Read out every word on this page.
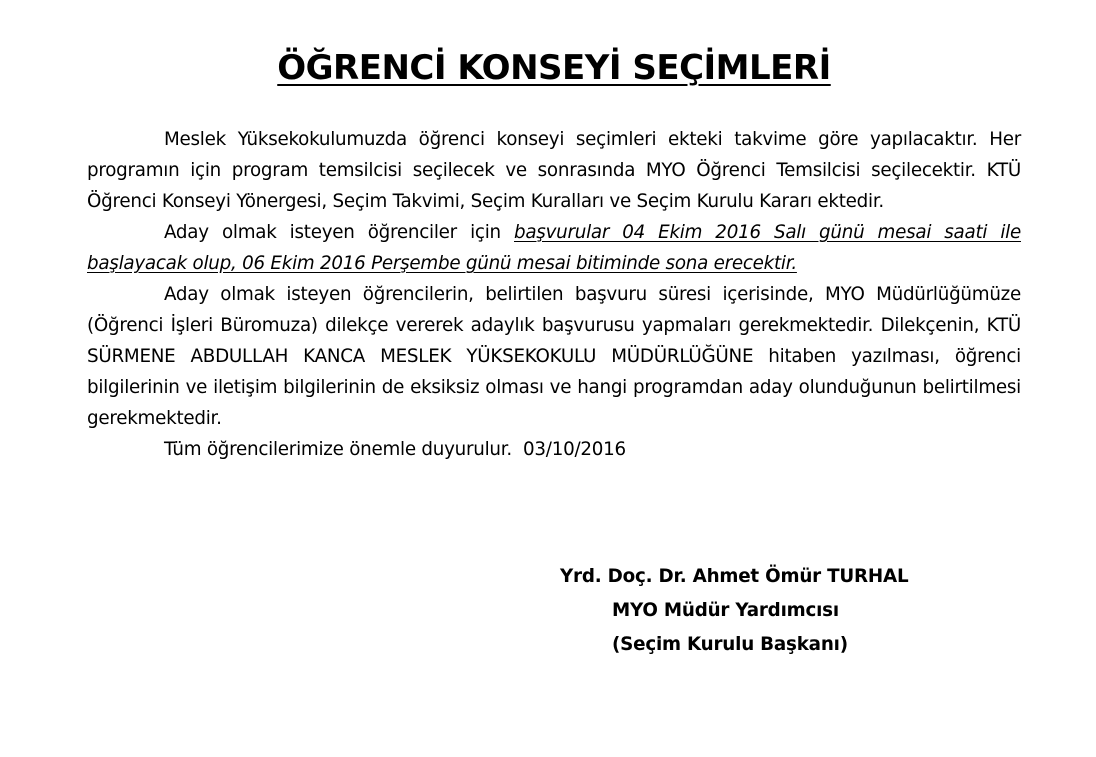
ÖĞRENCİ KONSEYİ SEÇİMLERİ

Meslek Yüksekokulumuzda öğrenci konseyi seçimleri ekteki takvime göre yapılacaktır. Her programın için program temsilcisi seçilecek ve sonrasında MYO Öğrenci Temsilcisi seçilecektir. KTÜ Öğrenci Konseyi Yönergesi, Seçim Takvimi, Seçim Kuralları ve Seçim Kurulu Kararı ektedir.

Aday olmak isteyen öğrenciler için başvurular 04 Ekim 2016 Salı günü mesai saati ile başlayacak olup, 06 Ekim 2016 Perşembe günü mesai bitiminde sona erecektir.

Aday olmak isteyen öğrencilerin, belirtilen başvuru süresi içerisinde, MYO Müdürlüğümüze (Öğrenci İşleri Büromuza) dilekçe vererek adaylık başvurusu yapmaları gerekmektedir. Dilekçenin, KTÜ SÜRMENE ABDULLAH KANCA MESLEK YÜKSEKOKULU MÜDÜRLÜĞÜNE hitaben yazılması, öğrenci bilgilerinin ve iletişim bilgilerinin de eksiksiz olması ve hangi programdan aday olunduğunun belirtilmesi gerekmektedir.

Tüm öğrencilerimize önemle duyurulur.  03/10/2016

Yrd. Doç. Dr. Ahmet Ömür TURHAL
MYO Müdür Yardımcısı
(Seçim Kurulu Başkanı)
